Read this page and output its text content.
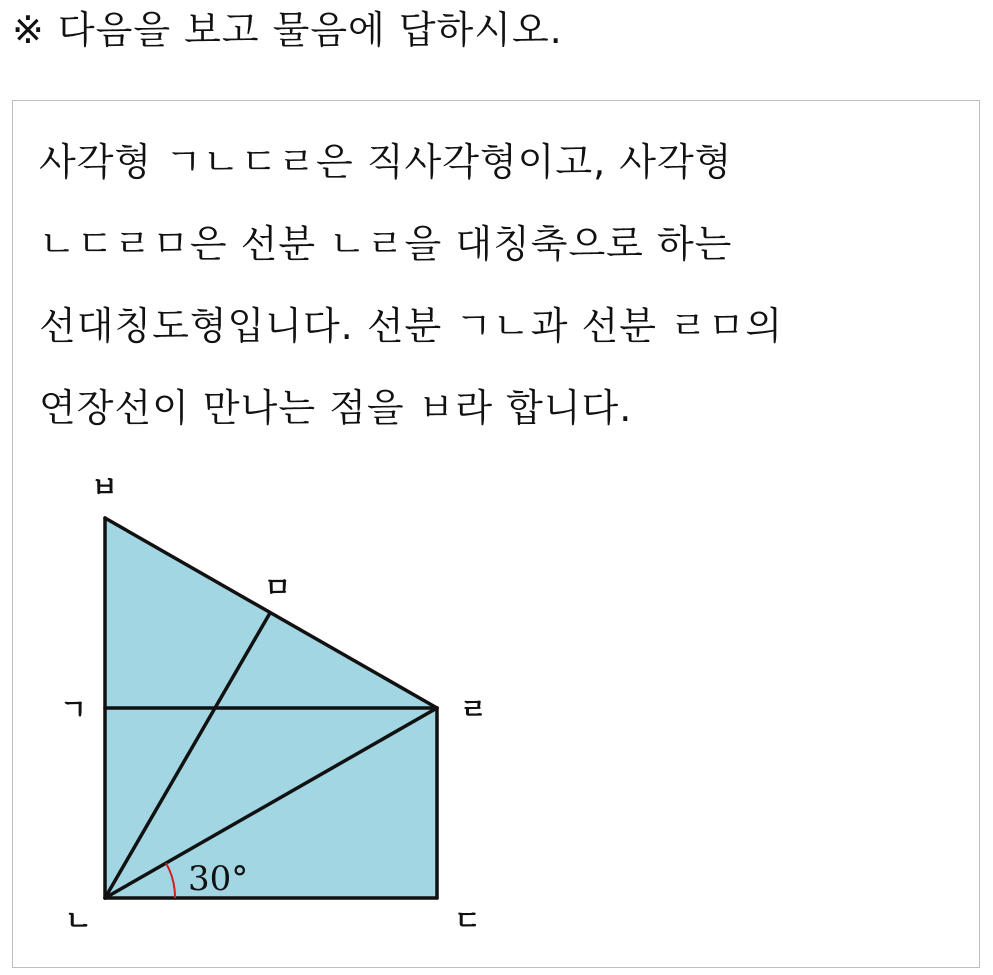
※ 다음을 보고 물음에 답하시오.
사각형 ㄱㄴㄷㄹ은 직사각형이고, 사각형
ㄴㄷㄹㅁ은 선분 ㄴㄹ을 대칭축으로 하는
선대칭도형입니다. 선분 ㄱㄴ과 선분 ㄹㅁ의
연장선이 만나는 점을 ㅂ라 합니다.
30°
ㅂ
ㅁ
ㄱ	ㄹ
ㄴ	ㄷ
